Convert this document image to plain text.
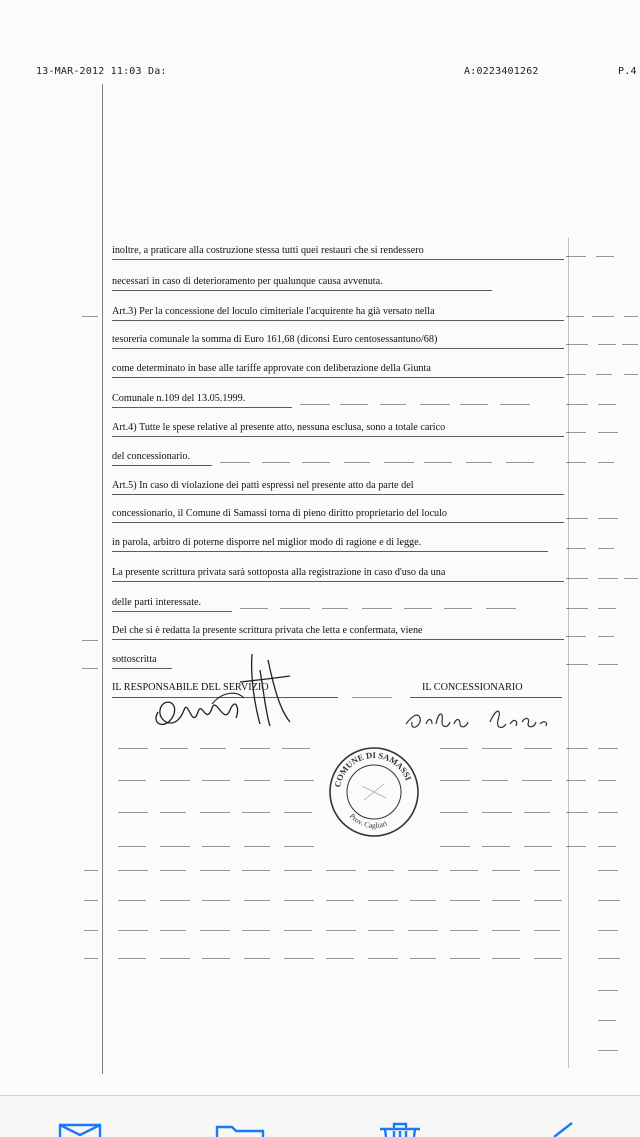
13-MAR-2012 11:03 Da:	A:0223401262	P.4
inoltre, a praticare alla costruzione stessa tutti quei restauri che si rendessero
necessari in caso di deterioramento per qualunque causa avvenuta.
Art.3) Per la concessione del loculo cimiteriale l'acquirente ha già versato nella
tesoreria comunale la somma di Euro 161,68 (diconsi Euro centosessantuno/68)
come determinato in base alle tariffe approvate con deliberazione della Giunta
Comunale n.109 del 13.05.1999.
Art.4) Tutte le spese relative al presente atto, nessuna esclusa, sono a totale carico
del concessionario.
Art.5) In caso di violazione dei patti espressi nel presente atto da parte del
concessionario, il Comune di Samassi torna di pieno diritto proprietario del loculo
in parola, arbitro di poterne disporre nel miglior modo di ragione e di legge.
La presente scrittura privata sarà sottoposta alla registrazione in caso d'uso da una
delle parti interessate.
Del che si è redatta la presente scrittura privata che letta e confermata, viene
sottoscritta
IL RESPONSABILE DEL SERVIZIO	IL CONCESSIONARIO
COMUNE DI SAMASSI
Prov. Cagliari
